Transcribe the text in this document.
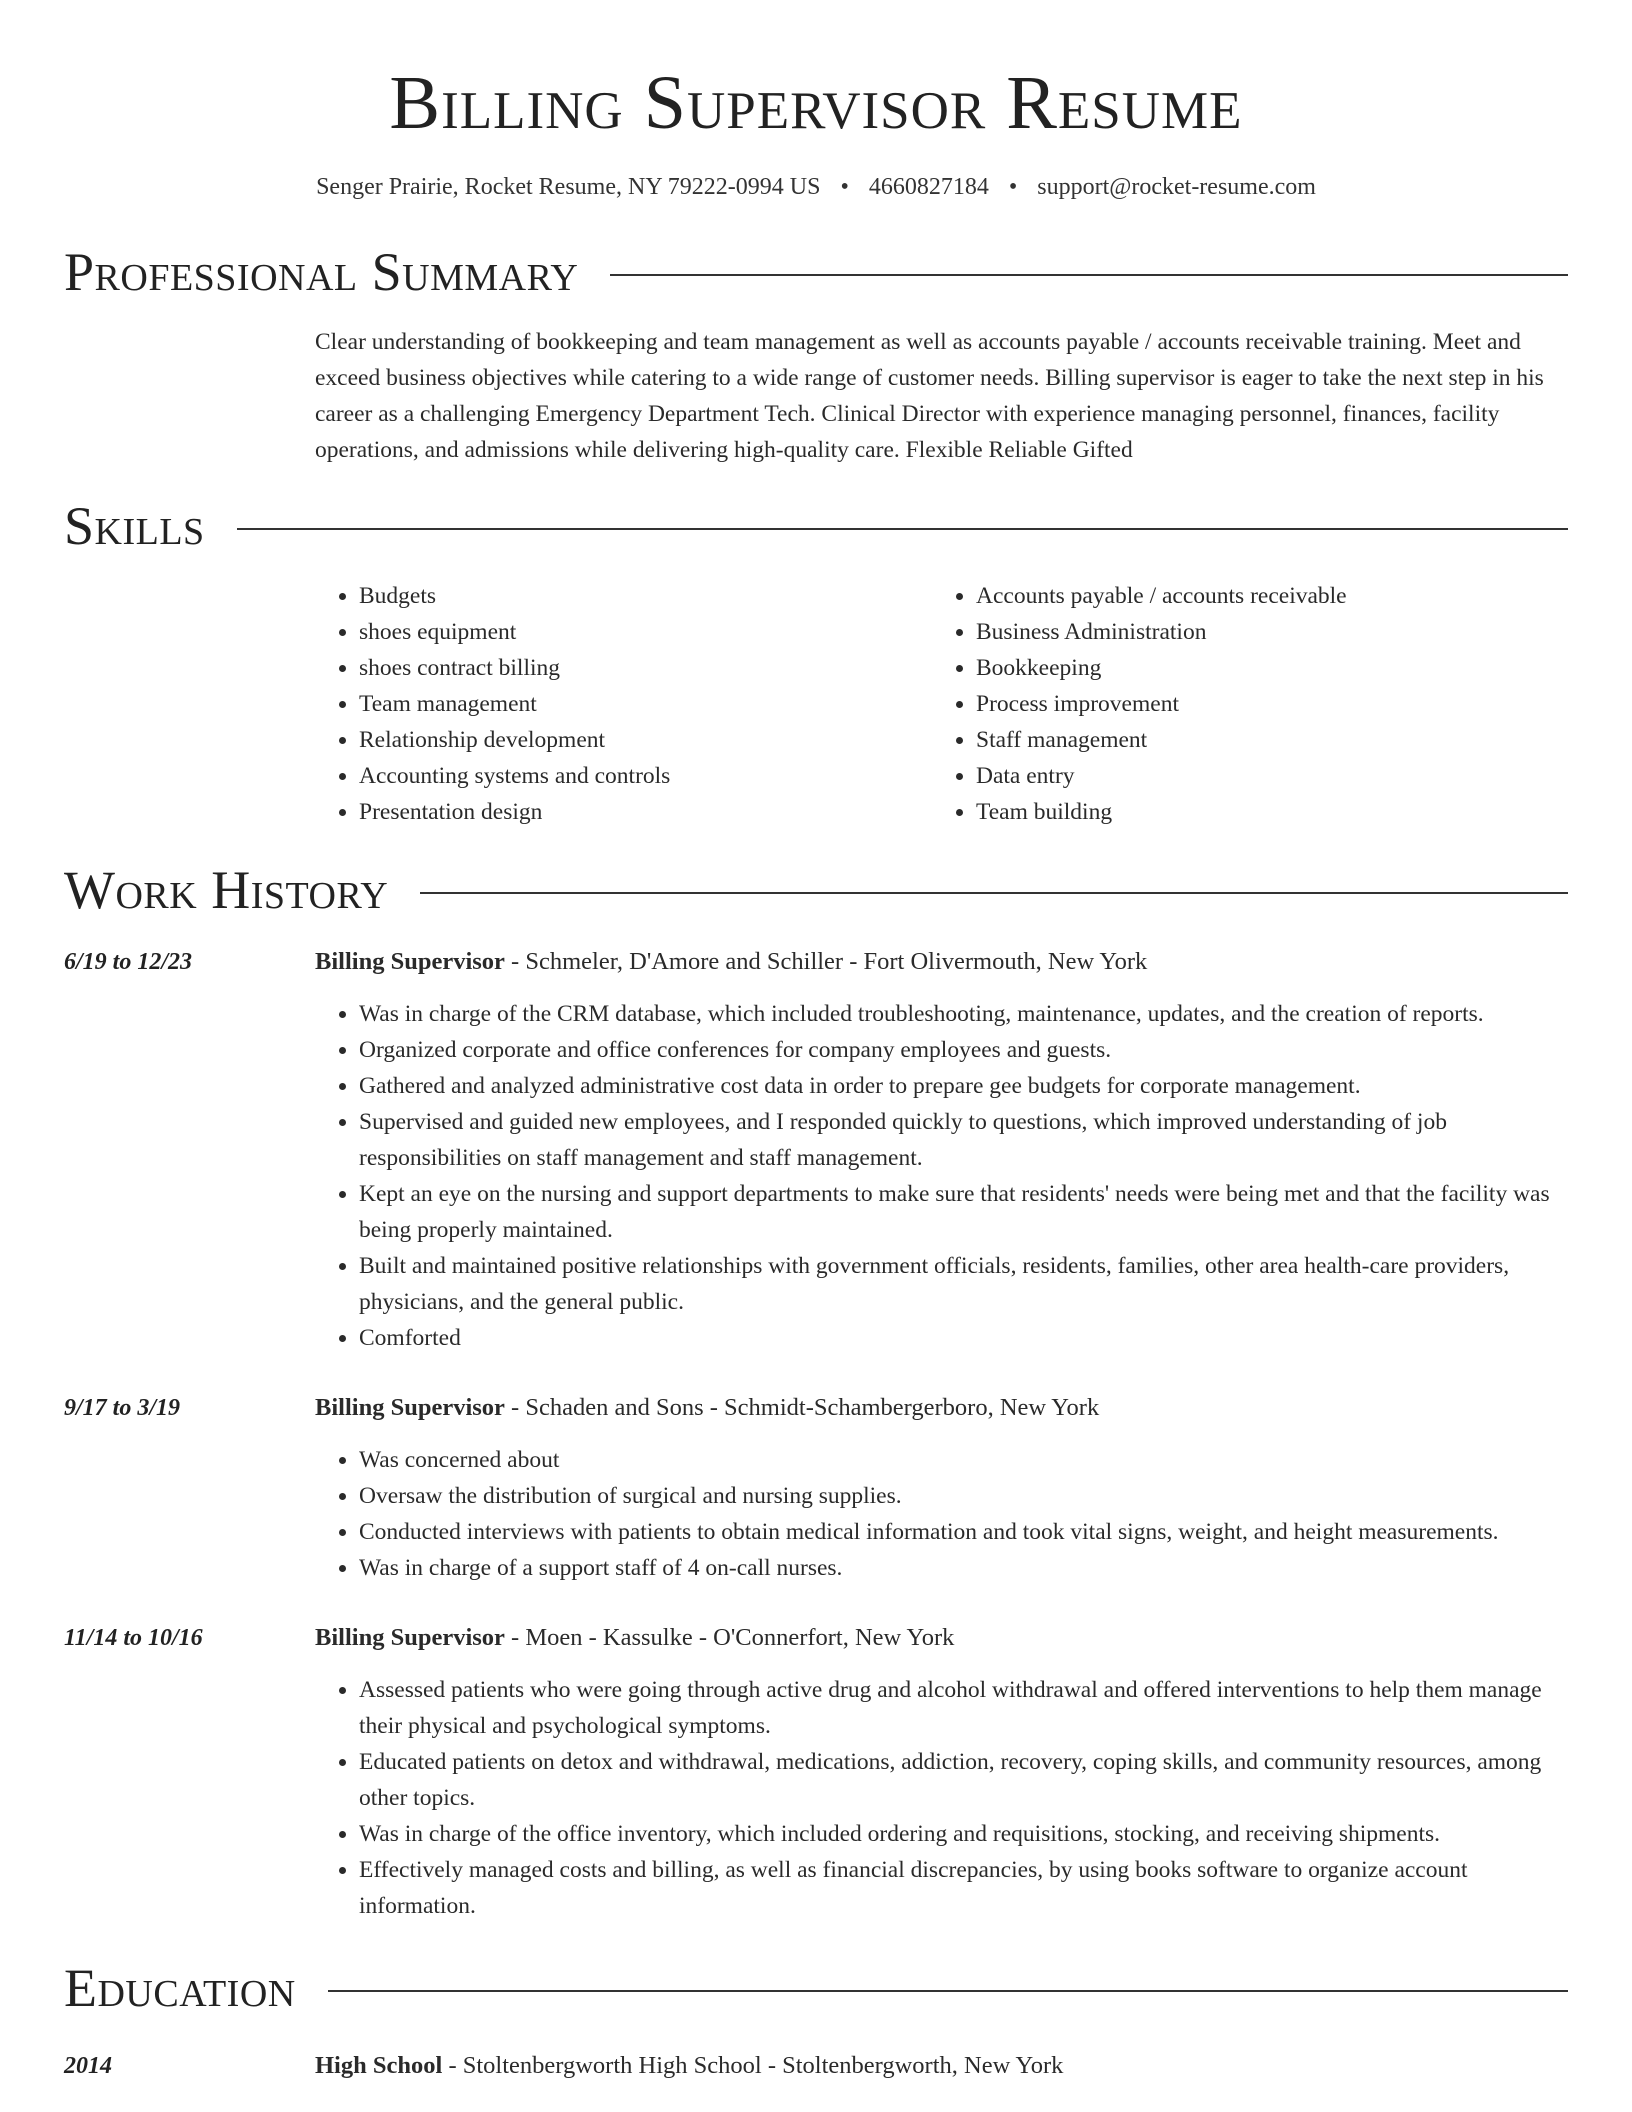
Billing Supervisor Resume
Senger Prairie, Rocket Resume, NY 79222-0994 US • 4660827184 • support@rocket-resume.com
Professional Summary
Clear understanding of bookkeeping and team management as well as accounts payable / accounts receivable training. Meet and exceed business objectives while catering to a wide range of customer needs. Billing supervisor is eager to take the next step in his career as a challenging Emergency Department Tech. Clinical Director with experience managing personnel, finances, facility operations, and admissions while delivering high-quality care. Flexible Reliable Gifted
Skills
• Budgets
• shoes equipment
• shoes contract billing
• Team management
• Relationship development
• Accounting systems and controls
• Presentation design
• Accounts payable / accounts receivable
• Business Administration
• Bookkeeping
• Process improvement
• Staff management
• Data entry
• Team building
Work History
6/19 to 12/23	Billing Supervisor - Schmeler, D'Amore and Schiller - Fort Olivermouth, New York
• Was in charge of the CRM database, which included troubleshooting, maintenance, updates, and the creation of reports.
• Organized corporate and office conferences for company employees and guests.
• Gathered and analyzed administrative cost data in order to prepare gee budgets for corporate management.
• Supervised and guided new employees, and I responded quickly to questions, which improved understanding of job responsibilities on staff management and staff management.
• Kept an eye on the nursing and support departments to make sure that residents' needs were being met and that the facility was being properly maintained.
• Built and maintained positive relationships with government officials, residents, families, other area health-care providers, physicians, and the general public.
• Comforted
9/17 to 3/19	Billing Supervisor - Schaden and Sons - Schmidt-Schambergerboro, New York
• Was concerned about
• Oversaw the distribution of surgical and nursing supplies.
• Conducted interviews with patients to obtain medical information and took vital signs, weight, and height measurements.
• Was in charge of a support staff of 4 on-call nurses.
11/14 to 10/16	Billing Supervisor - Moen - Kassulke - O'Connerfort, New York
• Assessed patients who were going through active drug and alcohol withdrawal and offered interventions to help them manage their physical and psychological symptoms.
• Educated patients on detox and withdrawal, medications, addiction, recovery, coping skills, and community resources, among other topics.
• Was in charge of the office inventory, which included ordering and requisitions, stocking, and receiving shipments.
• Effectively managed costs and billing, as well as financial discrepancies, by using books software to organize account information.
Education
2014	High School - Stoltenbergworth High School - Stoltenbergworth, New York
